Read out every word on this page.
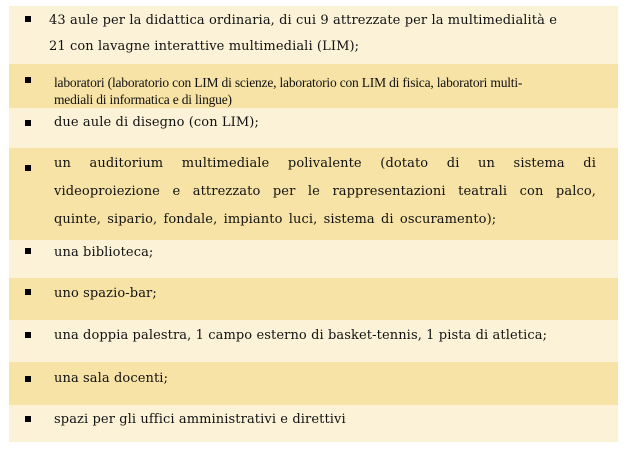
43 aule per la didattica ordinaria, di cui 9 attrezzate per la multimedialità e
21 con lavagne interattive multimediali (LIM);
laboratori (laboratorio con LIM di scienze, laboratorio con LIM di fisica, laboratori multi-
mediali di informatica e di lingue)
due aule di disegno (con LIM);
un auditorium multimediale polivalente (dotato di un sistema di
videoproiezione e attrezzato per le rappresentazioni teatrali con palco,
quinte, sipario, fondale, impianto luci, sistema di oscuramento);
una biblioteca;
uno spazio-bar;
una doppia palestra, 1 campo esterno di basket-tennis, 1 pista di atletica;
una sala docenti;
spazi per gli uffici amministrativi e direttivi
